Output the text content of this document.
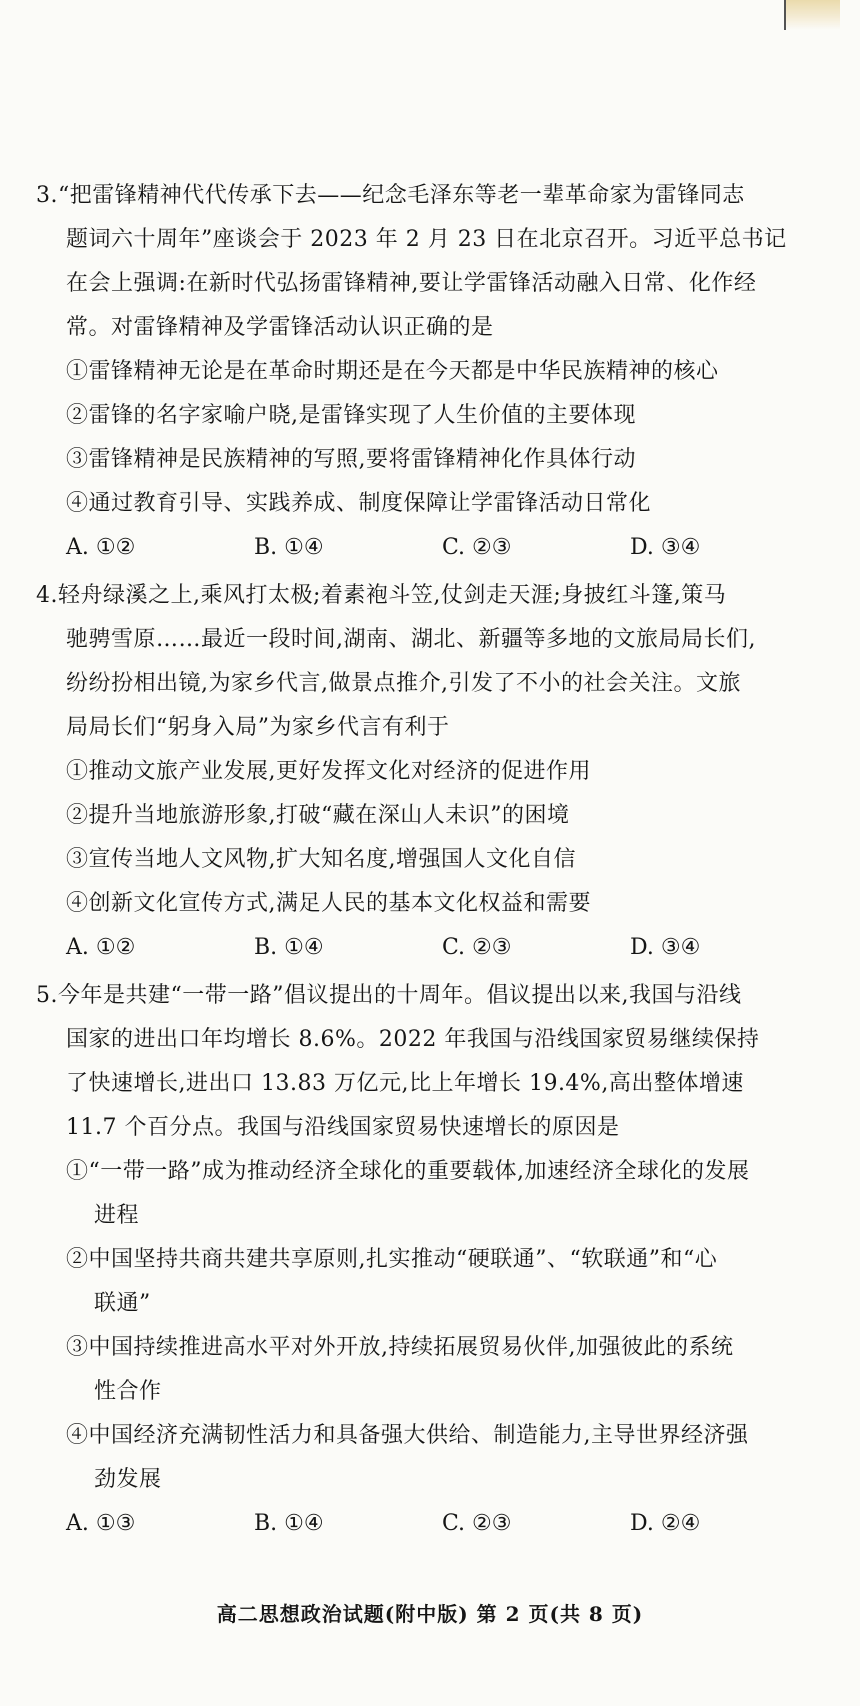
3.“把雷锋精神代代传承下去——纪念毛泽东等老一辈革命家为雷锋同志
题词六十周年”座谈会于 2023 年 2 月 23 日在北京召开。习近平总书记
在会上强调:在新时代弘扬雷锋精神,要让学雷锋活动融入日常、化作经
常。对雷锋精神及学雷锋活动认识正确的是
①雷锋精神无论是在革命时期还是在今天都是中华民族精神的核心
②雷锋的名字家喻户晓,是雷锋实现了人生价值的主要体现
③雷锋精神是民族精神的写照,要将雷锋精神化作具体行动
④通过教育引导、实践养成、制度保障让学雷锋活动日常化
A. ①②	B. ①④	C. ②③	D. ③④
4.轻舟绿溪之上,乘风打太极;着素袍斗笠,仗剑走天涯;身披红斗篷,策马
驰骋雪原……最近一段时间,湖南、湖北、新疆等多地的文旅局局长们,
纷纷扮相出镜,为家乡代言,做景点推介,引发了不小的社会关注。文旅
局局长们“躬身入局”为家乡代言有利于
①推动文旅产业发展,更好发挥文化对经济的促进作用
②提升当地旅游形象,打破“藏在深山人未识”的困境
③宣传当地人文风物,扩大知名度,增强国人文化自信
④创新文化宣传方式,满足人民的基本文化权益和需要
A. ①②	B. ①④	C. ②③	D. ③④
5.今年是共建“一带一路”倡议提出的十周年。倡议提出以来,我国与沿线
国家的进出口年均增长 8.6%。2022 年我国与沿线国家贸易继续保持
了快速增长,进出口 13.83 万亿元,比上年增长 19.4%,高出整体增速
11.7 个百分点。我国与沿线国家贸易快速增长的原因是
①“一带一路”成为推动经济全球化的重要载体,加速经济全球化的发展
进程
②中国坚持共商共建共享原则,扎实推动“硬联通”、“软联通”和“心
联通”
③中国持续推进高水平对外开放,持续拓展贸易伙伴,加强彼此的系统
性合作
④中国经济充满韧性活力和具备强大供给、制造能力,主导世界经济强
劲发展
A. ①③	B. ①④	C. ②③	D. ②④
高二思想政治试题(附中版) 第 2 页(共 8 页)
